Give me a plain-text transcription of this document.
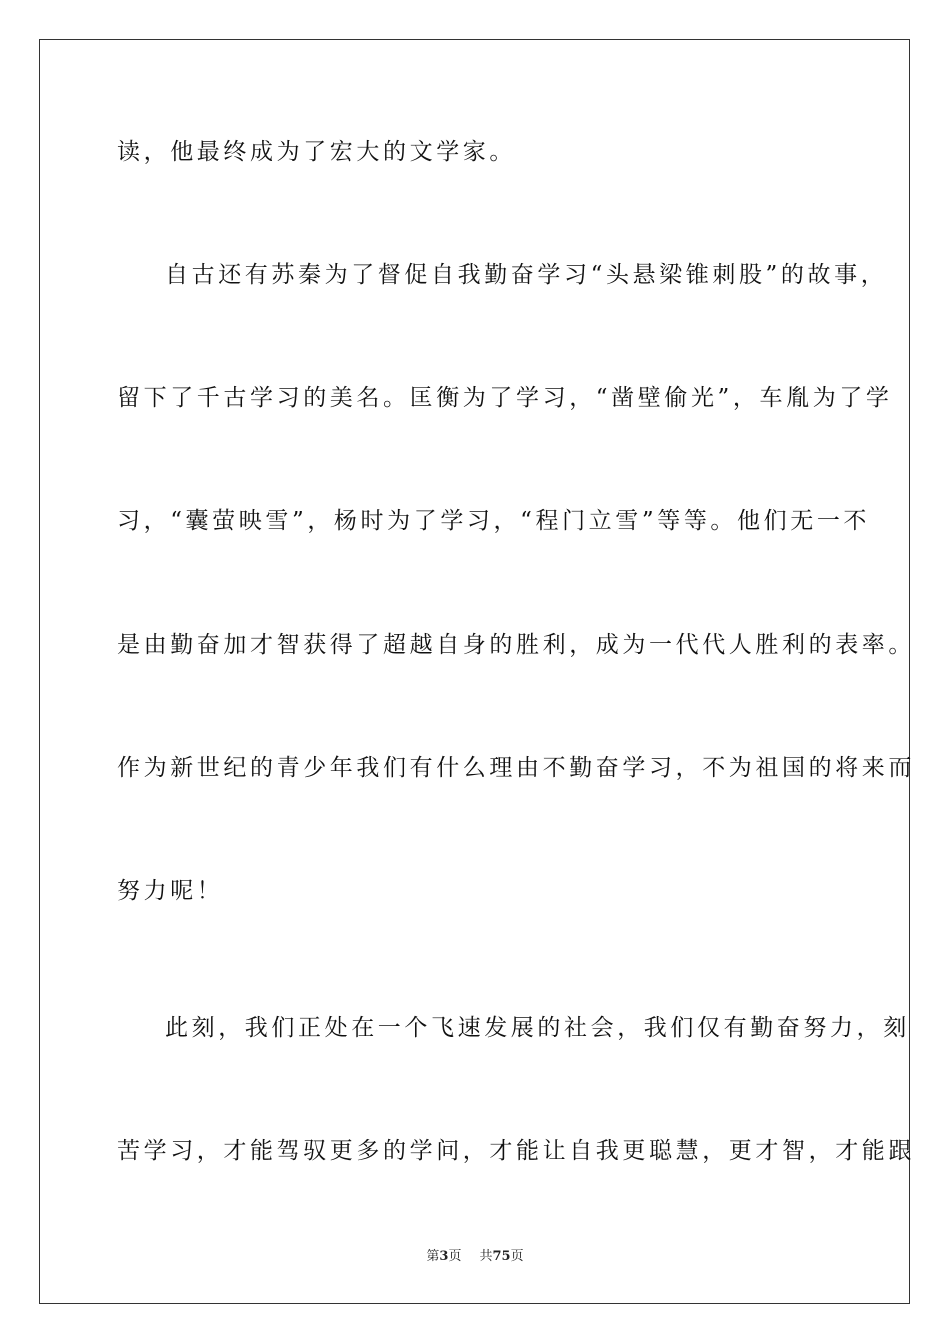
读，他最终成为了宏大的文学家。
自古还有苏秦为了督促自我勤奋学习“头悬梁锥刺股”的故事，
留下了千古学习的美名。匡衡为了学习，“凿壁偷光”，车胤为了学
习，“囊萤映雪”，杨时为了学习，“程门立雪”等等。他们无一不
是由勤奋加才智获得了超越自身的胜利，成为一代代人胜利的表率。
作为新世纪的青少年我们有什么理由不勤奋学习，不为祖国的将来而
努力呢！
此刻，我们正处在一个飞速发展的社会，我们仅有勤奋努力，刻
苦学习，才能驾驭更多的学问，才能让自我更聪慧，更才智，才能跟
第3页 共75页
